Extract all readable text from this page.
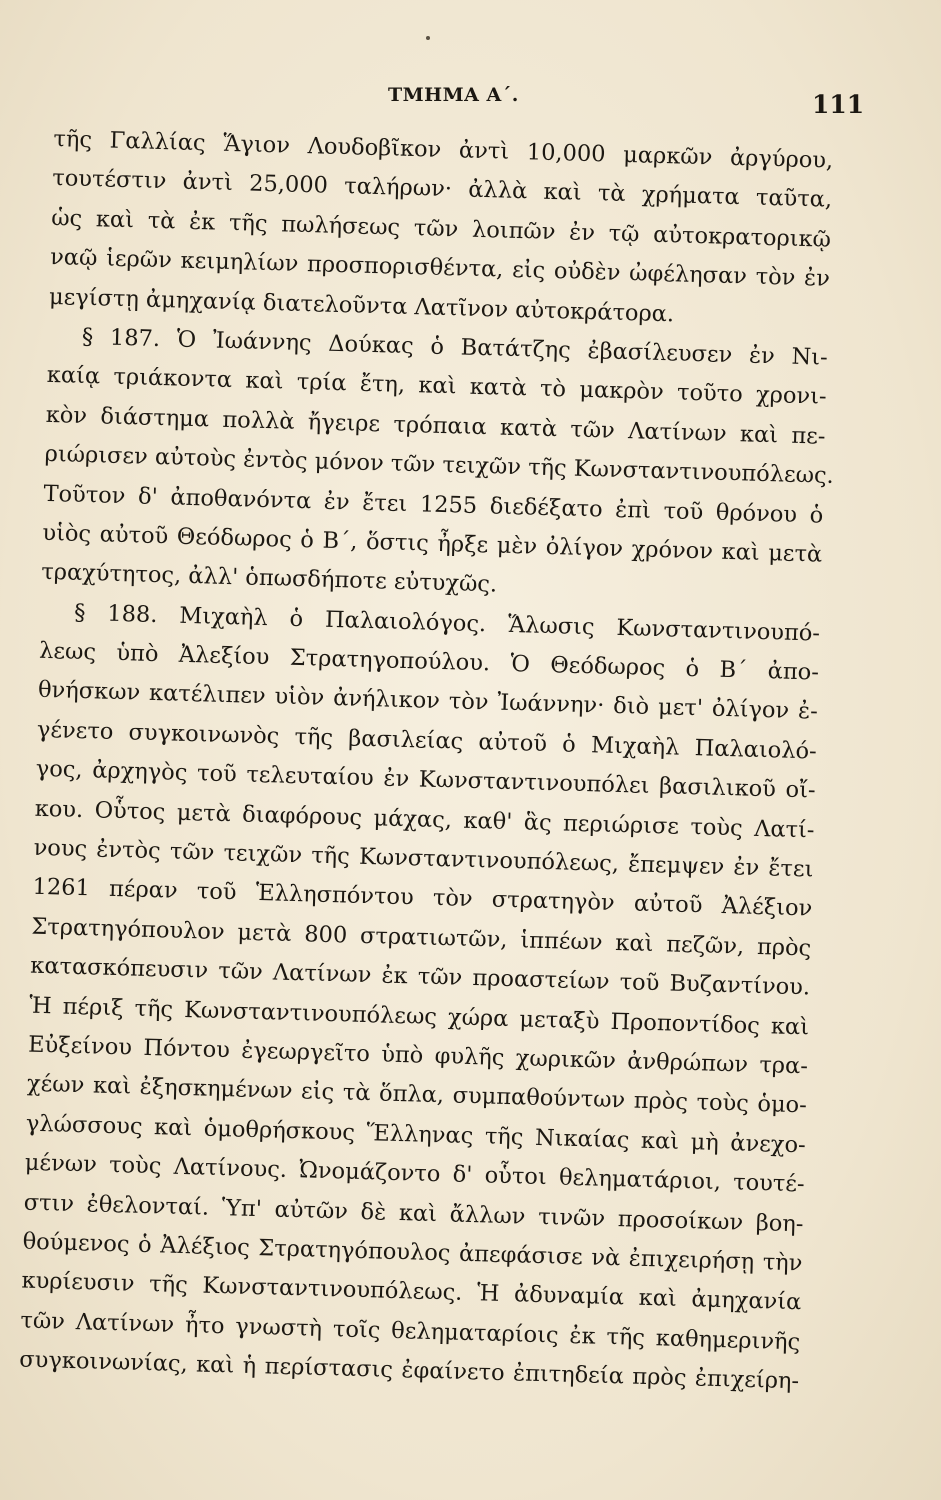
ΤΜΗΜΑ Α΄.	111
τῆς Γαλλίας Ἅγιον Λουδοβῖκον ἀντὶ 10,000 μαρκῶν ἀργύρου,
τουτέστιν ἀντὶ 25,000 ταλήρων· ἀλλὰ καὶ τὰ χρήματα ταῦτα,
ὡς καὶ τὰ ἐκ τῆς πωλήσεως τῶν λοιπῶν ἐν τῷ αὐτοκρατορικῷ
ναῷ ἱερῶν κειμηλίων προσπορισθέντα, εἰς οὐδὲν ὠφέλησαν τὸν ἐν
μεγίστῃ ἀμηχανίᾳ διατελοῦντα Λατῖνον αὐτοκράτορα.
§ 187. Ὁ Ἰωάννης Δούκας ὁ Βατάτζης ἐβασίλευσεν ἐν Νι-
καίᾳ τριάκοντα καὶ τρία ἔτη, καὶ κατὰ τὸ μακρὸν τοῦτο χρονι-
κὸν διάστημα πολλὰ ἤγειρε τρόπαια κατὰ τῶν Λατίνων καὶ πε-
ριώρισεν αὐτοὺς ἐντὸς μόνον τῶν τειχῶν τῆς Κωνσταντινουπόλεως.
Τοῦτον δ' ἀποθανόντα ἐν ἔτει 1255 διεδέξατο ἐπὶ τοῦ θρόνου ὁ
υἱὸς αὐτοῦ Θεόδωρος ὁ Β΄, ὅστις ἦρξε μὲν ὀλίγον χρόνον καὶ μετὰ
τραχύτητος, ἀλλ' ὁπωσδήποτε εὐτυχῶς.
§ 188. Μιχαὴλ ὁ Παλαιολόγος. Ἅλωσις Κωνσταντινουπό-
λεως ὑπὸ Ἀλεξίου Στρατηγοπούλου. Ὁ Θεόδωρος ὁ Β΄ ἀπο-
θνήσκων κατέλιπεν υἱὸν ἀνήλικον τὸν Ἰωάννην· διὸ μετ' ὀλίγον ἐ-
γένετο συγκοινωνὸς τῆς βασιλείας αὐτοῦ ὁ Μιχαὴλ Παλαιολό-
γος, ἀρχηγὸς τοῦ τελευταίου ἐν Κωνσταντινουπόλει βασιλικοῦ οἴ-
κου. Οὗτος μετὰ διαφόρους μάχας, καθ' ἃς περιώρισε τοὺς Λατί-
νους ἐντὸς τῶν τειχῶν τῆς Κωνσταντινουπόλεως, ἔπεμψεν ἐν ἔτει
1261 πέραν τοῦ Ἑλλησπόντου τὸν στρατηγὸν αὐτοῦ Ἀλέξιον
Στρατηγόπουλον μετὰ 800 στρατιωτῶν, ἱππέων καὶ πεζῶν, πρὸς
κατασκόπευσιν τῶν Λατίνων ἐκ τῶν προαστείων τοῦ Βυζαντίνου.
Ἡ πέριξ τῆς Κωνσταντινουπόλεως χώρα μεταξὺ Προποντίδος καὶ
Εὐξείνου Πόντου ἐγεωργεῖτο ὑπὸ φυλῆς χωρικῶν ἀνθρώπων τρα-
χέων καὶ ἐξησκημένων εἰς τὰ ὅπλα, συμπαθούντων πρὸς τοὺς ὁμο-
γλώσσους καὶ ὁμοθρήσκους Ἕλληνας τῆς Νικαίας καὶ μὴ ἀνεχο-
μένων τοὺς Λατίνους. Ὠνομάζοντο δ' οὗτοι θεληματάριοι, τουτέ-
στιν ἐθελονταί. Ὑπ' αὐτῶν δὲ καὶ ἄλλων τινῶν προσοίκων βοη-
θούμενος ὁ Ἀλέξιος Στρατηγόπουλος ἀπεφάσισε νὰ ἐπιχειρήσῃ τὴν
κυρίευσιν τῆς Κωνσταντινουπόλεως. Ἡ ἀδυναμία καὶ ἀμηχανία
τῶν Λατίνων ἦτο γνωστὴ τοῖς θεληματαρίοις ἐκ τῆς καθημερινῆς
συγκοινωνίας, καὶ ἡ περίστασις ἐφαίνετο ἐπιτηδεία πρὸς ἐπιχείρη-
